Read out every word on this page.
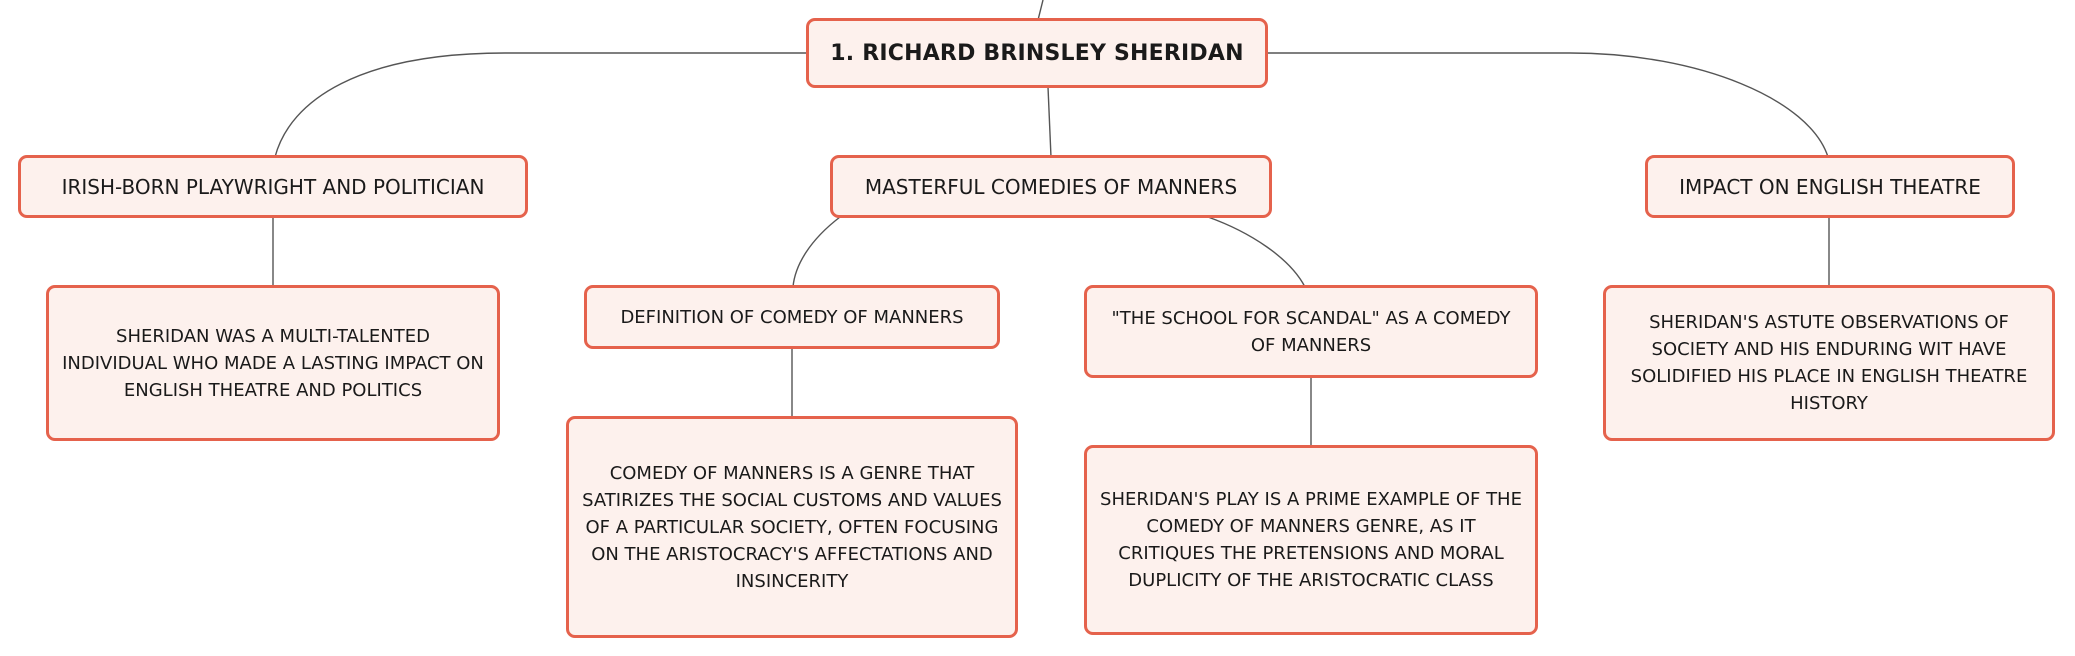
1. RICHARD BRINSLEY SHERIDAN
IRISH-BORN PLAYWRIGHT AND POLITICIAN	MASTERFUL COMEDIES OF MANNERS	IMPACT ON ENGLISH THEATRE
SHERIDAN WAS A MULTI-TALENTED INDIVIDUAL WHO MADE A LASTING IMPACT ON ENGLISH THEATRE AND POLITICS
DEFINITION OF COMEDY OF MANNERS	"THE SCHOOL FOR SCANDAL" AS A COMEDY OF MANNERS
SHERIDAN'S ASTUTE OBSERVATIONS OF SOCIETY AND HIS ENDURING WIT HAVE SOLIDIFIED HIS PLACE IN ENGLISH THEATRE HISTORY
COMEDY OF MANNERS IS A GENRE THAT SATIRIZES THE SOCIAL CUSTOMS AND VALUES OF A PARTICULAR SOCIETY, OFTEN FOCUSING ON THE ARISTOCRACY'S AFFECTATIONS AND INSINCERITY
SHERIDAN'S PLAY IS A PRIME EXAMPLE OF THE COMEDY OF MANNERS GENRE, AS IT CRITIQUES THE PRETENSIONS AND MORAL DUPLICITY OF THE ARISTOCRATIC CLASS
